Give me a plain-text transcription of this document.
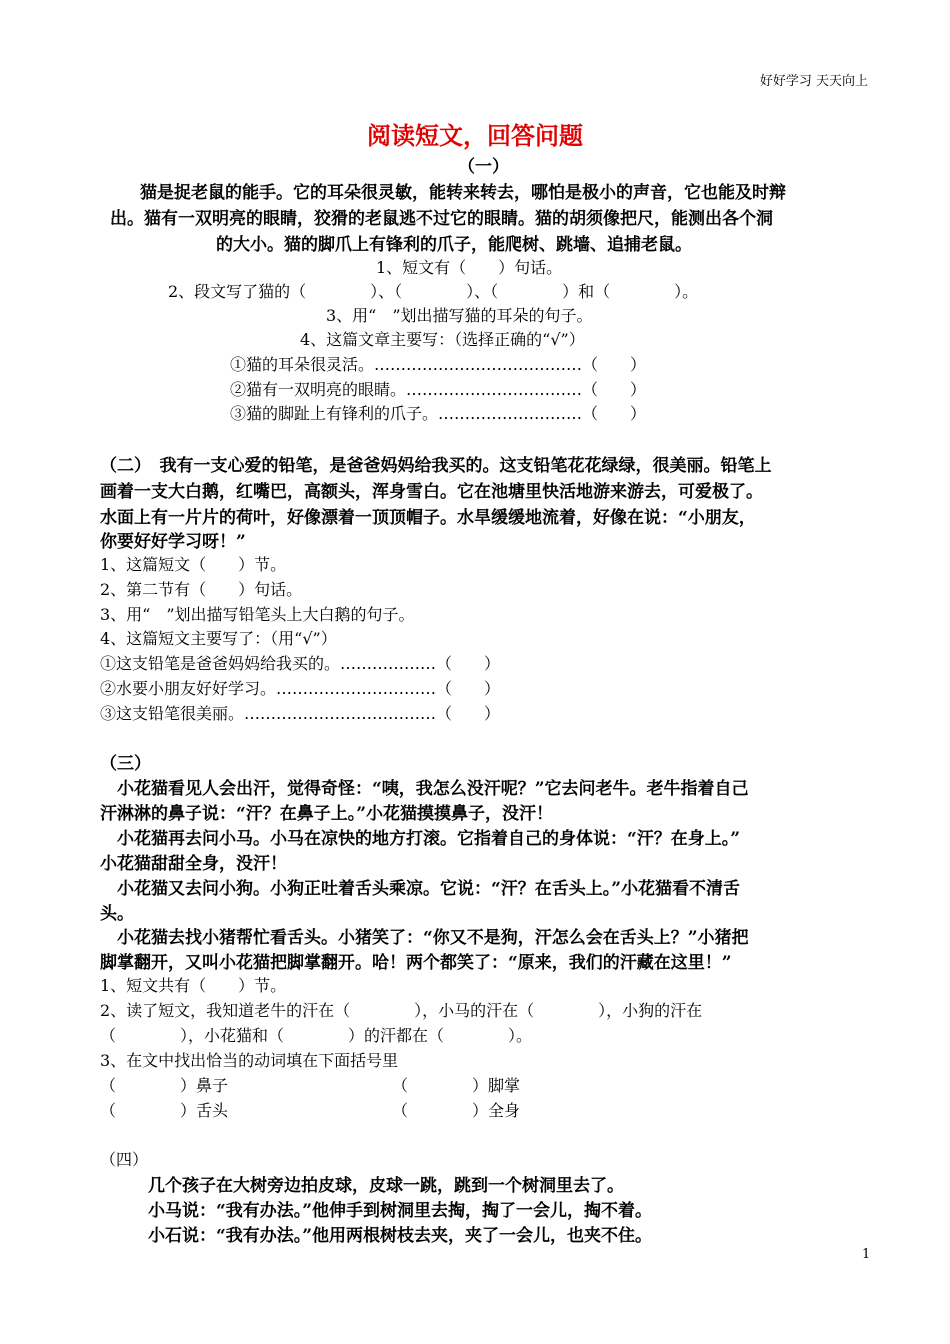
好好学习 天天向上
阅读短文，回答问题
（一）
猫是捉老鼠的能手。它的耳朵很灵敏，能转来转去，哪怕是极小的声音，它也能及时辩
出。猫有一双明亮的眼睛，狡猾的老鼠逃不过它的眼睛。猫的胡须像把尺，能测出各个洞
的大小。猫的脚爪上有锋利的爪子，能爬树、跳墙、追捕老鼠。
1、短文有（　　）句话。
2、段文写了猫的（　　　　）、（　　　　）、（　　　　）和（　　　　）。
3、用“　”划出描写猫的耳朵的句子。
4、这篇文章主要写：（选择正确的“√”）
①猫的耳朵很灵活。…………………………………（　　）
②猫有一双明亮的眼睛。……………………………（　　）
③猫的脚趾上有锋利的爪子。………………………（　　）
（二）　我有一支心爱的铅笔，是爸爸妈妈给我买的。这支铅笔花花绿绿，很美丽。铅笔上
画着一支大白鹅，红嘴巴，高额头，浑身雪白。它在池塘里快活地游来游去，可爱极了。
水面上有一片片的荷叶，好像漂着一顶顶帽子。水旱缓缓地流着，好像在说：“小朋友，
你要好好学习呀！”
1、这篇短文（　　）节。
2、第二节有（　　）句话。
3、用“　”划出描写铅笔头上大白鹅的句子。
4、这篇短文主要写了：（用“√”）
①这支铅笔是爸爸妈妈给我买的。………………（　　）
②水要小朋友好好学习。…………………………（　　）
③这支铅笔很美丽。………………………………（　　）
（三）
　小花猫看见人会出汗，觉得奇怪：“咦，我怎么没汗呢？”它去问老牛。老牛指着自己
汗淋淋的鼻子说：“汗？在鼻子上。”小花猫摸摸鼻子，没汗！
　小花猫再去问小马。小马在凉快的地方打滚。它指着自己的身体说：“汗？在身上。”
小花猫甜甜全身，没汗！
　小花猫又去问小狗。小狗正吐着舌头乘凉。它说：“汗？在舌头上。”小花猫看不清舌
头。
　小花猫去找小猪帮忙看舌头。小猪笑了：“你又不是狗，汗怎么会在舌头上？”小猪把
脚掌翻开，又叫小花猫把脚掌翻开。哈！两个都笑了：“原来，我们的汗藏在这里！”
1、短文共有（　　）节。
2、读了短文，我知道老牛的汗在（　　　　），小马的汗在（　　　　），小狗的汗在
（　　　　），小花猫和（　　　　）的汗都在（　　　　）。
3、在文中找出恰当的动词填在下面括号里
（　　　　）鼻子	（　　　　）脚掌
（　　　　）舌头	（　　　　）全身
（四）
几个孩子在大树旁边拍皮球，皮球一跳，跳到一个树洞里去了。
小马说：“我有办法。”他伸手到树洞里去掏，掏了一会儿，掏不着。
小石说：“我有办法。”他用两根树枝去夹，夹了一会儿，也夹不住。
1
